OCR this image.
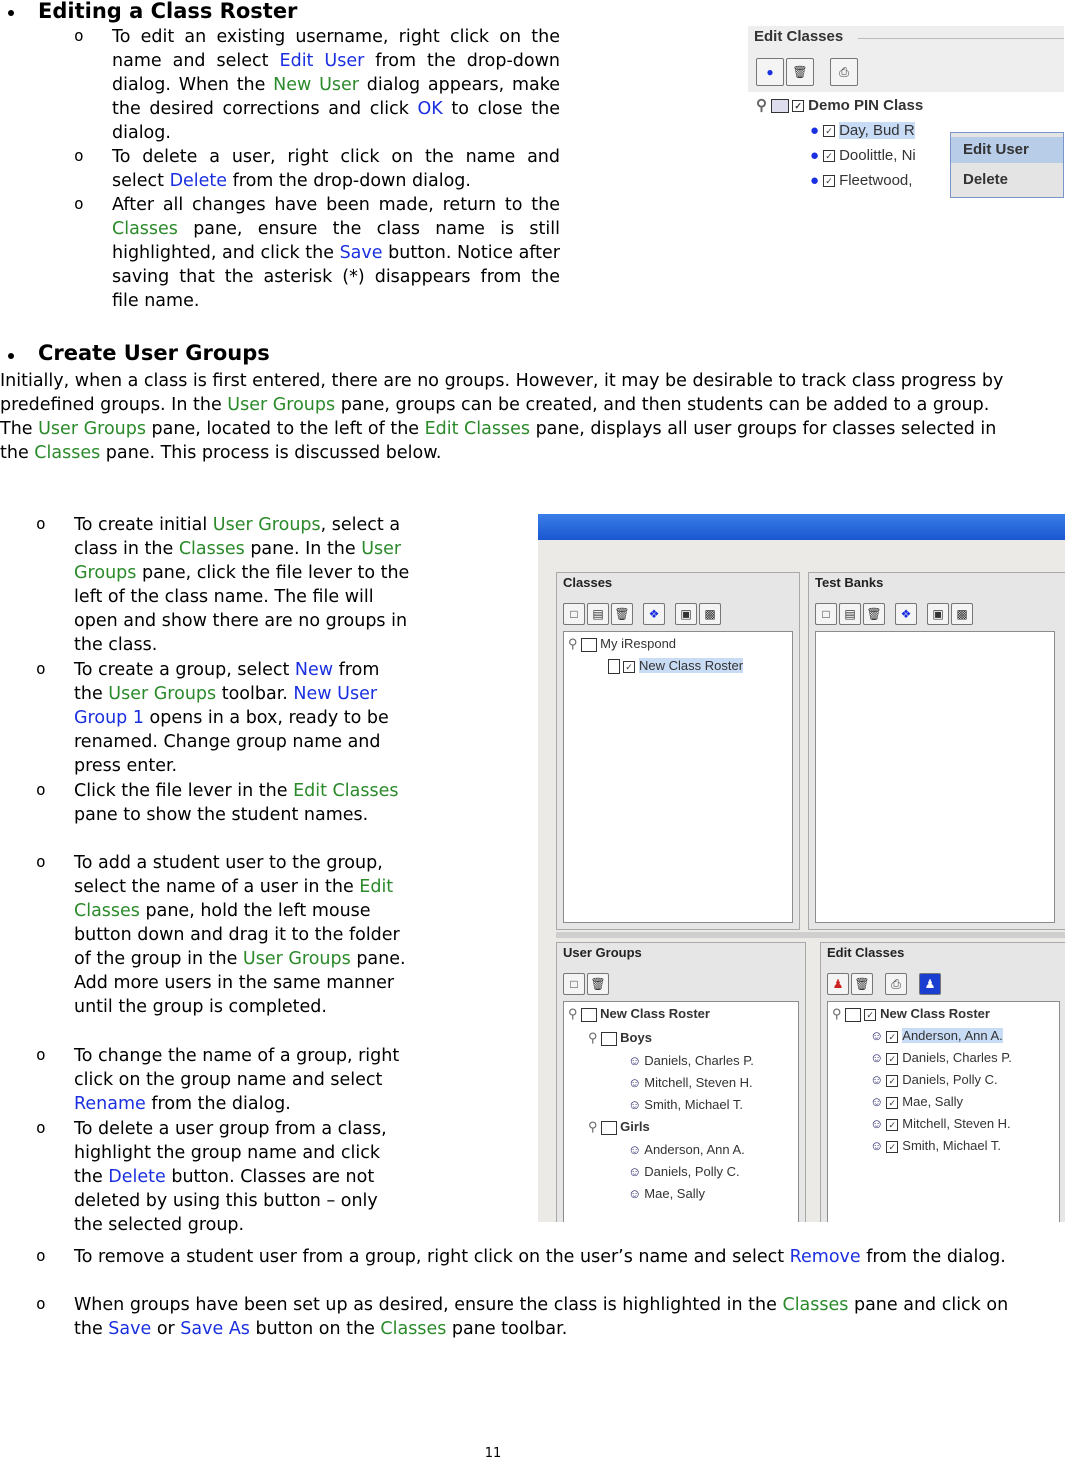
Editing a Class Roster
o To edit an existing username, right click on the name and select Edit User from the drop-down dialog. When the New User dialog appears, make the desired corrections and click OK to close the dialog.
o To delete a user, right click on the name and select Delete from the drop-down dialog.
o After all changes have been made, return to the Classes pane, ensure the class name is still highlighted, and click the Save button. Notice after saving that the asterisk (*) disappears from the file name.
Edit Classes
●	🗑	⎙
⚲	✓ Demo PIN Class
Edit User
Delete
● ✓ Day, Bud R
● ✓ Doolittle, Ni
● ✓ Fleetwood,
Create User Groups
Initially, when a class is first entered, there are no groups. However, it may be desirable to track class progress by predefined groups. In the User Groups pane, groups can be created, and then students can be added to a group. The User Groups pane, located to the left of the Edit Classes pane, displays all user groups for classes selected in the Classes pane. This process is discussed below.
o To create initial User Groups, select a class in the Classes pane. In the User Groups pane, click the file lever to the left of the class name. The file will open and show there are no groups in the class.
o To create a group, select New from the User Groups toolbar. New User Group 1 opens in a box, ready to be renamed. Change group name and press enter.
o Click the file lever in the Edit Classes pane to show the student names.
o To add a student user to the group, select the name of a user in the Edit Classes pane, hold the left mouse button down and drag it to the folder of the group in the User Groups pane. Add more users in the same manner until the group is completed.
o To change the name of a group, right click on the group name and select Rename from the dialog.
o To delete a user group from a class, highlight the group name and click the Delete button. Classes are not deleted by using this button – only the selected group.
o To remove a student user from a group, right click on the user’s name and select Remove from the dialog.
o When groups have been set up as desired, ensure the class is highlighted in the Classes pane and click on the Save or Save As button on the Classes pane toolbar.
Classes
□	▤ 🗑	❖	▣	▩
⚲ My iRespond
✓ New Class Roster
Test Banks
□	▤ 🗑	❖	▣	▩
User Groups
□	🗑
⚲ New Class Roster
⚲ Boys
☺ Daniels, Charles P.
☺ Mitchell, Steven H.
☺ Smith, Michael T.
⚲ Girls
☺ Anderson, Ann A.
☺ Daniels, Polly C.
☺ Mae, Sally
Edit Classes
♟ 🗑	⎙	♟
⚲ ✓ New Class Roster
☺ ✓ Anderson, Ann A.
☺ ✓ Daniels, Charles P.
☺ ✓ Daniels, Polly C.
☺ ✓ Mae, Sally
☺ ✓ Mitchell, Steven H.
☺ ✓ Smith, Michael T.
11
